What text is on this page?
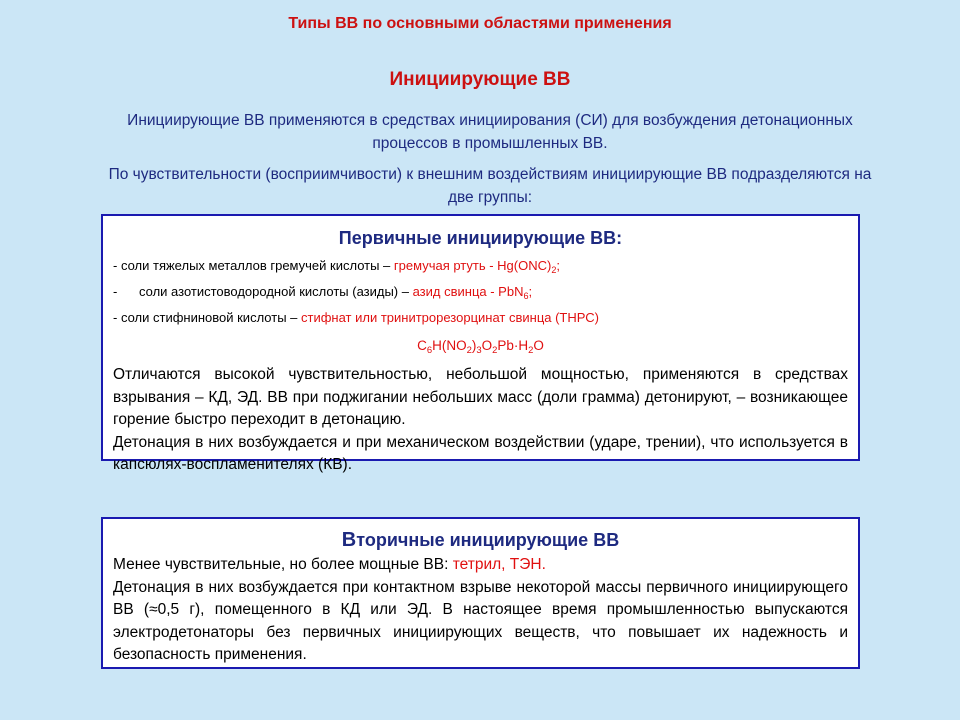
Типы ВВ по основными областями применения
Инициирующие ВВ
Инициирующие ВВ применяются в средствах инициирования (СИ) для возбуждения детонационных процессов в промышленных ВВ.
По чувствительности (восприимчивости) к внешним воздействиям инициирующие ВВ подразделяются на две группы:
Первичные инициирующие ВВ:
- соли тяжелых металлов гремучей кислоты – гремучая ртуть - $Hg(ONC)_2$;
-      соли азотистоводородной кислоты (азиды) – азид свинца - PbN$_6$;
- соли стифниновой кислоты – стифнат или тринитрорезорцинат свинца (ТНРС)
$C_6H(NO_2)_3O_2Pb\cdot H_2O$
Отличаются высокой чувствительностью, небольшой мощностью, применяются в средствах взрывания – КД, ЭД. ВВ при поджигании небольших масс (доли грамма) детонируют, – возникающее горение быстро переходит в детонацию.
Детонация в них возбуждается и при механическом воздействии (ударе, трении), что используется в капсюлях-воспламенителях (КВ).
Вторичные инициирующие ВВ
Менее чувствительные, но более мощные ВВ: тетрил, ТЭН.
Детонация в них возбуждается при контактном взрыве некоторой массы первичного инициирующего ВВ (≈0,5 г), помещенного в КД или ЭД. В настоящее время промышленностью выпускаются электродетонаторы без первичных инициирующих веществ, что повышает их надежность и безопасность применения.
